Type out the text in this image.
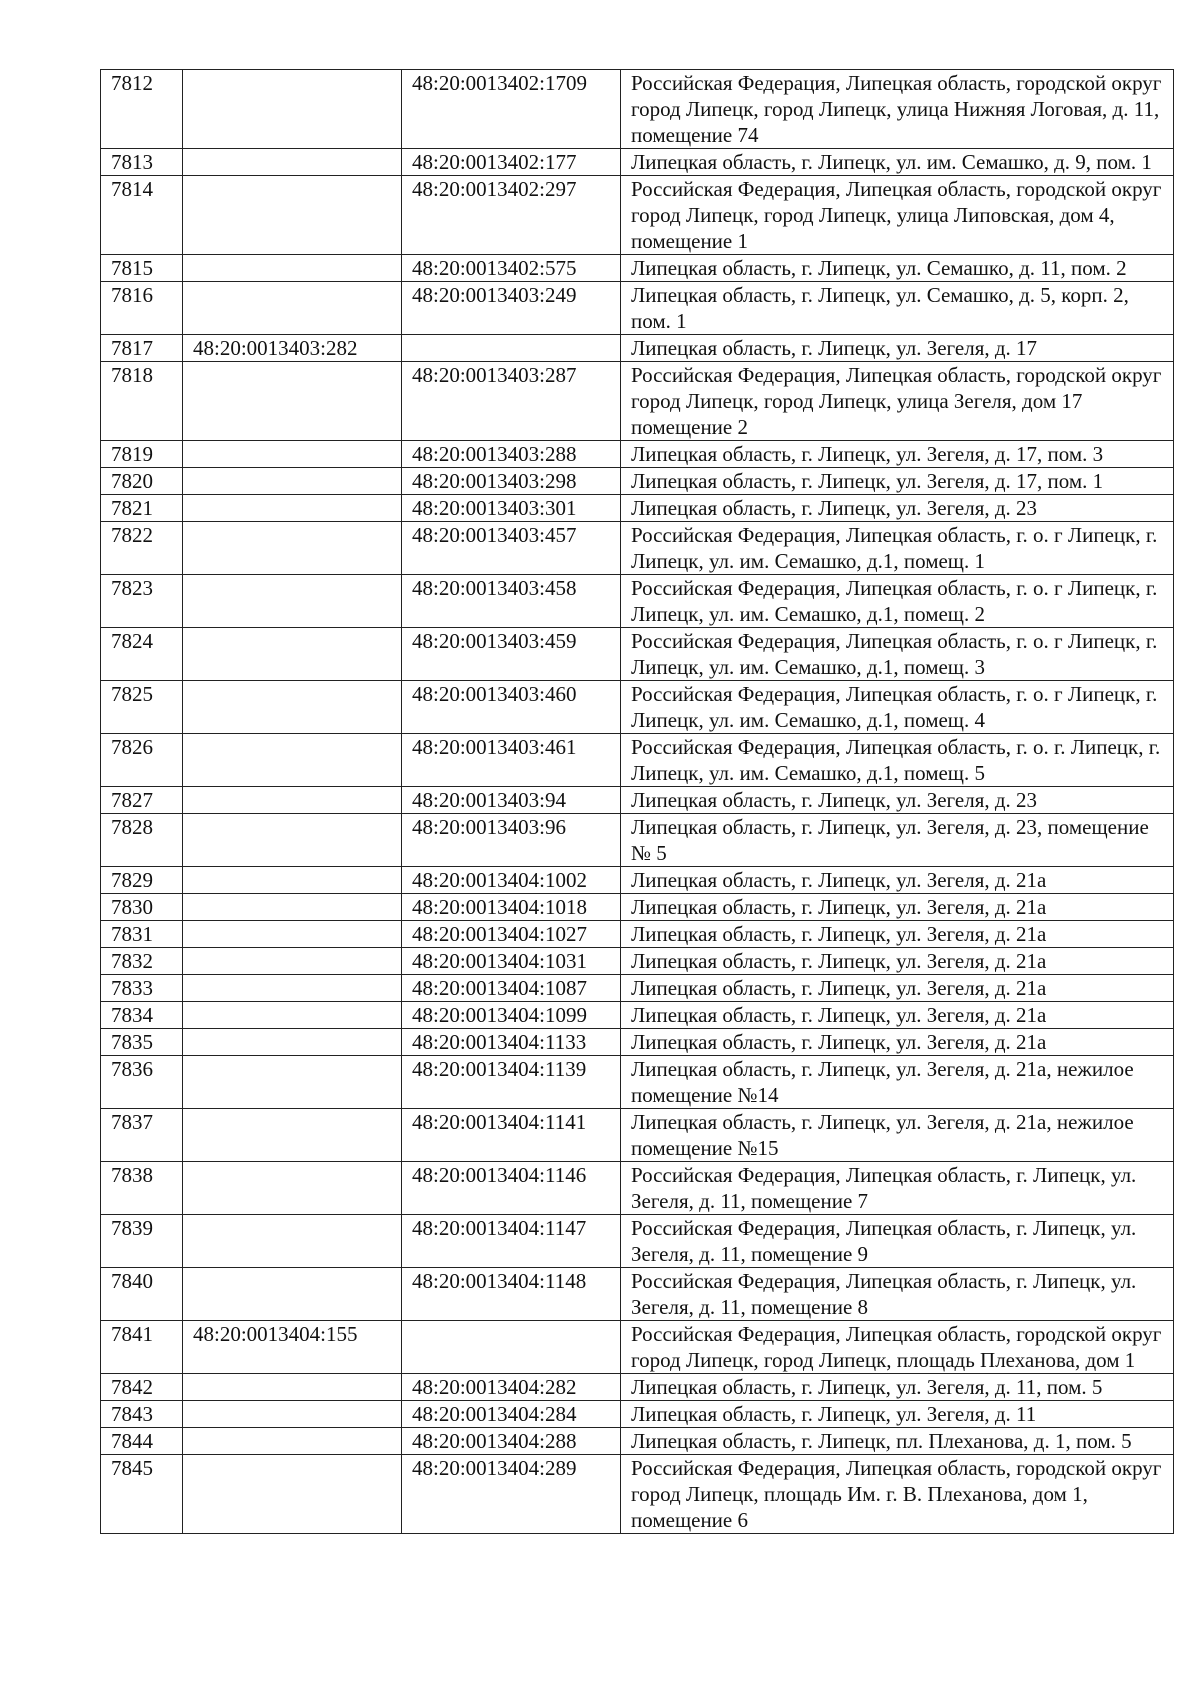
7812		48:20:0013402:1709	Российская Федерация, Липецкая область, городской округ город Липецк, город Липецк, улица Нижняя Логовая, д. 11, помещение 74
7813		48:20:0013402:177	Липецкая область, г. Липецк, ул. им. Семашко, д. 9, пом. 1
7814		48:20:0013402:297	Российская Федерация, Липецкая область, городской округ город Липецк, город Липецк, улица Липовская, дом 4, помещение 1
7815		48:20:0013402:575	Липецкая область, г. Липецк, ул. Семашко, д. 11, пом. 2
7816		48:20:0013403:249	Липецкая область, г. Липецк, ул. Семашко, д. 5, корп. 2, пом. 1
7817	48:20:0013403:282		Липецкая область, г. Липецк, ул. Зегеля, д. 17
7818		48:20:0013403:287	Российская Федерация, Липецкая область, городской округ город Липецк, город Липецк, улица Зегеля, дом 17 помещение 2
7819		48:20:0013403:288	Липецкая область, г. Липецк, ул. Зегеля, д. 17, пом. 3
7820		48:20:0013403:298	Липецкая область, г. Липецк, ул. Зегеля, д. 17, пом. 1
7821		48:20:0013403:301	Липецкая область, г. Липецк, ул. Зегеля, д. 23
7822		48:20:0013403:457	Российская Федерация, Липецкая область, г. о. г Липецк, г. Липецк, ул. им. Семашко, д.1, помещ. 1
7823		48:20:0013403:458	Российская Федерация, Липецкая область, г. о. г Липецк, г. Липецк, ул. им. Семашко, д.1, помещ. 2
7824		48:20:0013403:459	Российская Федерация, Липецкая область, г. о. г Липецк, г. Липецк, ул. им. Семашко, д.1, помещ. 3
7825		48:20:0013403:460	Российская Федерация, Липецкая область, г. о. г Липецк, г. Липецк, ул. им. Семашко, д.1, помещ. 4
7826		48:20:0013403:461	Российская Федерация, Липецкая область, г. о. г. Липецк, г. Липецк, ул. им. Семашко, д.1, помещ. 5
7827		48:20:0013403:94	Липецкая область, г. Липецк, ул. Зегеля, д. 23
7828		48:20:0013403:96	Липецкая область, г. Липецк, ул. Зегеля, д. 23, помещение № 5
7829		48:20:0013404:1002	Липецкая область, г. Липецк, ул. Зегеля, д. 21а
7830		48:20:0013404:1018	Липецкая область, г. Липецк, ул. Зегеля, д. 21а
7831		48:20:0013404:1027	Липецкая область, г. Липецк, ул. Зегеля, д. 21а
7832		48:20:0013404:1031	Липецкая область, г. Липецк, ул. Зегеля, д. 21а
7833		48:20:0013404:1087	Липецкая область, г. Липецк, ул. Зегеля, д. 21а
7834		48:20:0013404:1099	Липецкая область, г. Липецк, ул. Зегеля, д. 21а
7835		48:20:0013404:1133	Липецкая область, г. Липецк, ул. Зегеля, д. 21а
7836		48:20:0013404:1139	Липецкая область, г. Липецк, ул. Зегеля, д. 21а, нежилое помещение №14
7837		48:20:0013404:1141	Липецкая область, г. Липецк, ул. Зегеля, д. 21а, нежилое помещение №15
7838		48:20:0013404:1146	Российская Федерация, Липецкая область, г. Липецк, ул. Зегеля, д. 11, помещение 7
7839		48:20:0013404:1147	Российская Федерация, Липецкая область, г. Липецк, ул. Зегеля, д. 11, помещение 9
7840		48:20:0013404:1148	Российская Федерация, Липецкая область, г. Липецк, ул. Зегеля, д. 11, помещение 8
7841	48:20:0013404:155		Российская Федерация, Липецкая область, городской округ город Липецк, город Липецк, площадь Плеханова, дом 1
7842		48:20:0013404:282	Липецкая область, г. Липецк, ул. Зегеля, д. 11, пом. 5
7843		48:20:0013404:284	Липецкая область, г. Липецк, ул. Зегеля, д. 11
7844		48:20:0013404:288	Липецкая область, г. Липецк, пл. Плеханова, д. 1, пом. 5
7845		48:20:0013404:289	Российская Федерация, Липецкая область, городской округ город Липецк, площадь Им. г. В. Плеханова, дом 1, помещение 6
